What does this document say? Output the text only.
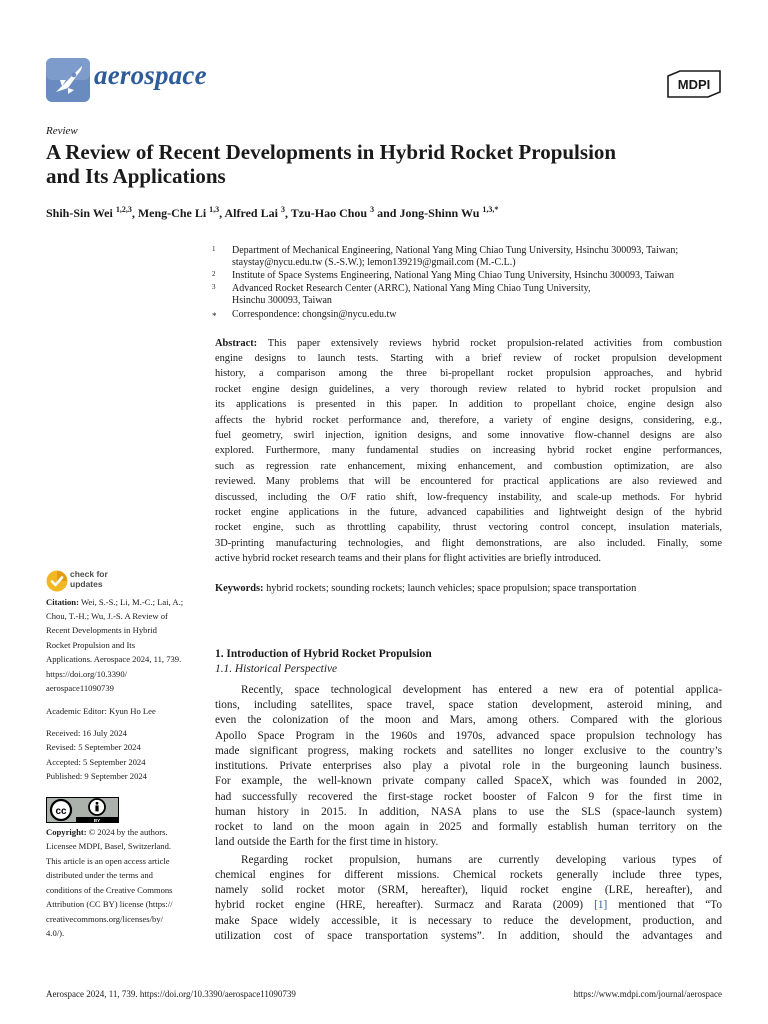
aerospace	MDPI
Review
A Review of Recent Developments in Hybrid Rocket Propulsion
and Its Applications
Shih-Sin Wei $^{1,2,3}$, Meng-Che Li $^{1,3}$, Alfred Lai $^3$, Tzu-Hao Chou $^3$ and Jong-Shinn Wu $^{1,3,*}$
1	Department of Mechanical Engineering, National Yang Ming Chiao Tung University, Hsinchu 300093, Taiwan;
staystay@nycu.edu.tw (S.-S.W.); lemon139219@gmail.com (M.-C.L.)
2	Institute of Space Systems Engineering, National Yang Ming Chiao Tung University, Hsinchu 300093, Taiwan
3	Advanced Rocket Research Center (ARRC), National Yang Ming Chiao Tung University,
Hsinchu 300093, Taiwan
*	Correspondence: chongsin@nycu.edu.tw
Abstract: This paper extensively reviews hybrid rocket propulsion-related activities from combustion
engine designs to launch tests. Starting with a brief review of rocket propulsion development
history, a comparison among the three bi-propellant rocket propulsion approaches, and hybrid
rocket engine design guidelines, a very thorough review related to hybrid rocket propulsion and
its applications is presented in this paper. In addition to propellant choice, engine design also
affects the hybrid rocket performance and, therefore, a variety of engine designs, considering, e.g.,
fuel geometry, swirl injection, ignition designs, and some innovative flow-channel designs are also
explored. Furthermore, many fundamental studies on increasing hybrid rocket engine performances,
such as regression rate enhancement, mixing enhancement, and combustion optimization, are also
reviewed. Many problems that will be encountered for practical applications are also reviewed and
discussed, including the O/F ratio shift, low-frequency instability, and scale-up methods. For hybrid
rocket engine applications in the future, advanced capabilities and lightweight design of the hybrid
rocket engine, such as throttling capability, thrust vectoring control concept, insulation materials,
3D-printing manufacturing technologies, and flight demonstrations, are also included. Finally, some
active hybrid rocket research teams and their plans for flight activities are briefly introduced.
Keywords: hybrid rockets; sounding rockets; launch vehicles; space propulsion; space transportation
check for
updates
Citation: Wei, S.-S.; Li, M.-C.; Lai, A.;
Chou, T.-H.; Wu, J.-S. A Review of
Recent Developments in Hybrid
Rocket Propulsion and Its
Applications. Aerospace 2024, 11, 739.
https://doi.org/10.3390/
aerospace11090739
Academic Editor: Kyun Ho Lee
Received: 16 July 2024
Revised: 5 September 2024
Accepted: 5 September 2024
Published: 9 September 2024
cc
BY
Copyright: © 2024 by the authors.
Licensee MDPI, Basel, Switzerland.
This article is an open access article
distributed under the terms and
conditions of the Creative Commons
Attribution (CC BY) license (https://
creativecommons.org/licenses/by/
4.0/).
1. Introduction of Hybrid Rocket Propulsion
1.1. Historical Perspective
Recently, space technological development has entered a new era of potential applica-
tions, including satellites, space travel, space station development, asteroid mining, and
even the colonization of the moon and Mars, among others. Compared with the glorious
Apollo Space Program in the 1960s and 1970s, advanced space propulsion technology has
made significant progress, making rockets and satellites no longer exclusive to the country’s
institutions. Private enterprises also play a pivotal role in the burgeoning launch business.
For example, the well-known private company called SpaceX, which was founded in 2002,
had successfully recovered the first-stage rocket booster of Falcon 9 for the first time in
human history in 2015. In addition, NASA plans to use the SLS (space-launch system)
rocket to land on the moon again in 2025 and formally establish human territory on the
land outside the Earth for the first time in history.
Regarding rocket propulsion, humans are currently developing various types of
chemical engines for different missions. Chemical rockets generally include three types,
namely solid rocket motor (SRM, hereafter), liquid rocket engine (LRE, hereafter), and
hybrid rocket engine (HRE, hereafter). Surmacz and Rarata (2009) [1] mentioned that “To
make Space widely accessible, it is necessary to reduce the development, production, and
utilization cost of space transportation systems”. In addition, should the advantages and
Aerospace 2024, 11, 739. https://doi.org/10.3390/aerospace11090739	https://www.mdpi.com/journal/aerospace
